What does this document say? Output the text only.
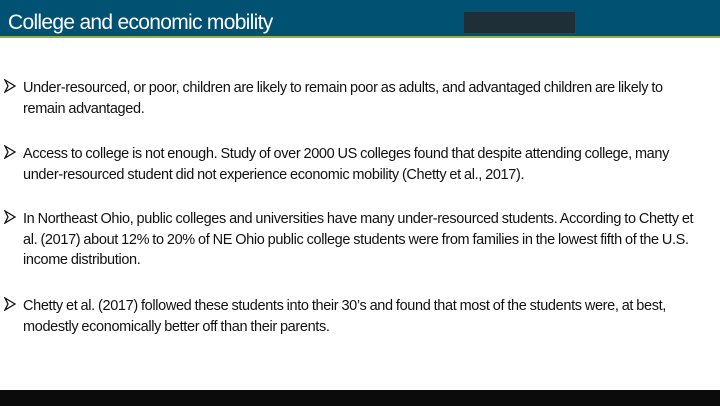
College and economic mobility
Under-resourced, or poor, children are likely to remain poor as adults, and advantaged children are likely to remain advantaged.
Access to college is not enough. Study of over 2000 US colleges found that despite attending college, many under-resourced student did not experience economic mobility (Chetty et al., 2017).
In Northeast Ohio, public colleges and universities have many under-resourced students. According to Chetty et al. (2017) about 12% to 20% of NE Ohio public college students were from families in the lowest fifth of the U.S. income distribution.
Chetty et al. (2017) followed these students into their 30’s and found that most of the students were, at best, modestly economically better off than their parents.
